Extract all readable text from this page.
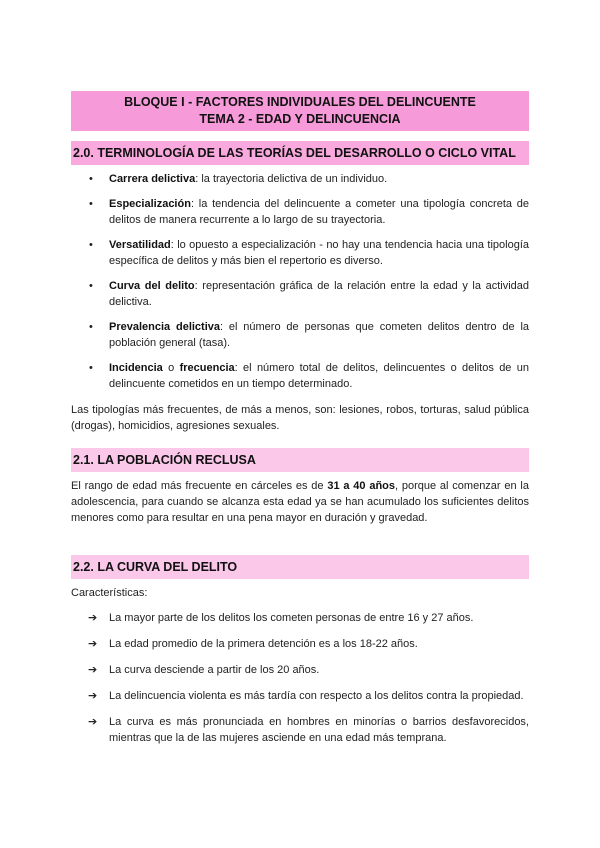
BLOQUE I - FACTORES INDIVIDUALES DEL DELINCUENTE
TEMA 2 - EDAD Y DELINCUENCIA
2.0. TERMINOLOGÍA DE LAS TEORÍAS DEL DESARROLLO O CICLO VITAL
• Carrera delictiva: la trayectoria delictiva de un individuo.
• Especialización: la tendencia del delincuente a cometer una tipología concreta de delitos de manera recurrente a lo largo de su trayectoria.
• Versatilidad: lo opuesto a especialización - no hay una tendencia hacia una tipología específica de delitos y más bien el repertorio es diverso.
• Curva del delito: representación gráfica de la relación entre la edad y la actividad delictiva.
• Prevalencia delictiva: el número de personas que cometen delitos dentro de la población general (tasa).
• Incidencia o frecuencia: el número total de delitos, delincuentes o delitos de un delincuente cometidos en un tiempo determinado.
Las tipologías más frecuentes, de más a menos, son: lesiones, robos, torturas, salud pública (drogas), homicidios, agresiones sexuales.
2.1. LA POBLACIÓN RECLUSA
El rango de edad más frecuente en cárceles es de 31 a 40 años, porque al comenzar en la adolescencia, para cuando se alcanza esta edad ya se han acumulado los suficientes delitos menores como para resultar en una pena mayor en duración y gravedad.
2.2. LA CURVA DEL DELITO
Características:
➔ La mayor parte de los delitos los cometen personas de entre 16 y 27 años.
➔ La edad promedio de la primera detención es a los 18-22 años.
➔ La curva desciende a partir de los 20 años.
➔ La delincuencia violenta es más tardía con respecto a los delitos contra la propiedad.
➔ La curva es más pronunciada en hombres en minorías o barrios desfavorecidos, mientras que la de las mujeres asciende en una edad más temprana.
